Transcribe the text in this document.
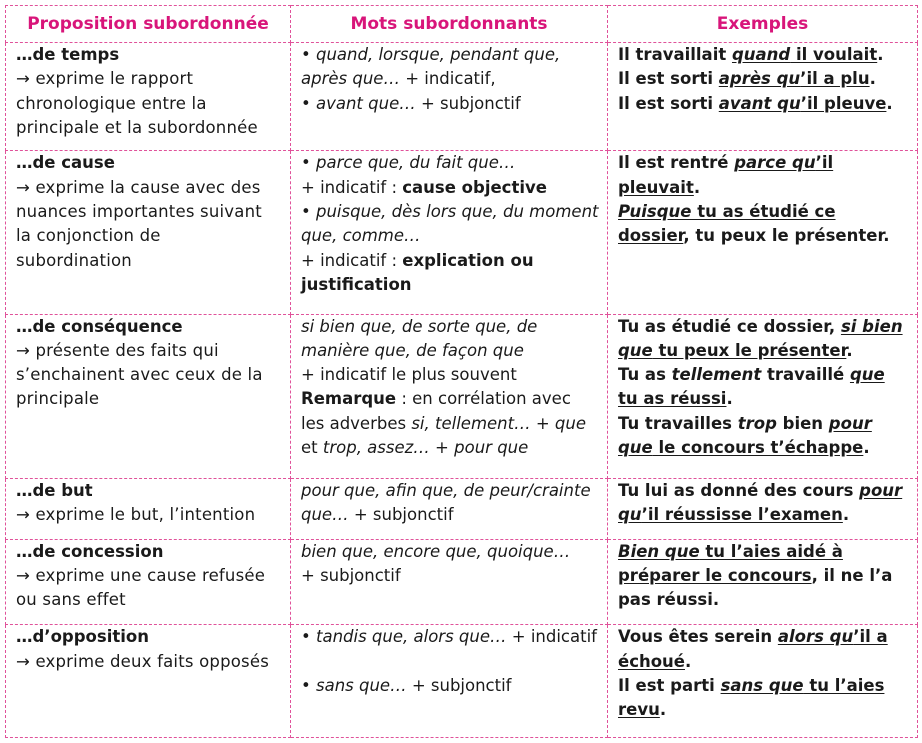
Proposition subordonnée	Mots subordonnants	Exemples

…de temps
→ exprime le rapport chronologique entre la principale et la subordonnée	• quand, lorsque, pendant que, après que… + indicatif,
• avant que… + subjonctif	Il travaillait quand il voulait.
Il est sorti après qu’il a plu.
Il est sorti avant qu’il pleuve.

…de cause
→ exprime la cause avec des nuances importantes suivant la conjonction de subordination	• parce que, du fait que…
+ indicatif : cause objective
• puisque, dès lors que, du moment que, comme…
+ indicatif : explication ou justification	Il est rentré parce qu’il pleuvait.
Puisque tu as étudié ce dossier, tu peux le présenter.

…de conséquence
→ présente des faits qui s’enchainent avec ceux de la principale	si bien que, de sorte que, de manière que, de façon que
+ indicatif le plus souvent
Remarque : en corrélation avec les adverbes si, tellement… + que et trop, assez… + pour que	Tu as étudié ce dossier, si bien que tu peux le présenter.
Tu as tellement travaillé que tu as réussi.
Tu travailles trop bien pour que le concours t’échappe.

…de but
→ exprime le but, l’intention	pour que, afin que, de peur/crainte que… + subjonctif	Tu lui as donné des cours pour qu’il réussisse l’examen.

…de concession
→ exprime une cause refusée ou sans effet	bien que, encore que, quoique…
+ subjonctif	Bien que tu l’aies aidé à préparer le concours, il ne l’a pas réussi.

…d’opposition
→ exprime deux faits opposés	• tandis que, alors que… + indicatif
• sans que… + subjonctif	Vous êtes serein alors qu’il a échoué.
Il est parti sans que tu l’aies revu.
